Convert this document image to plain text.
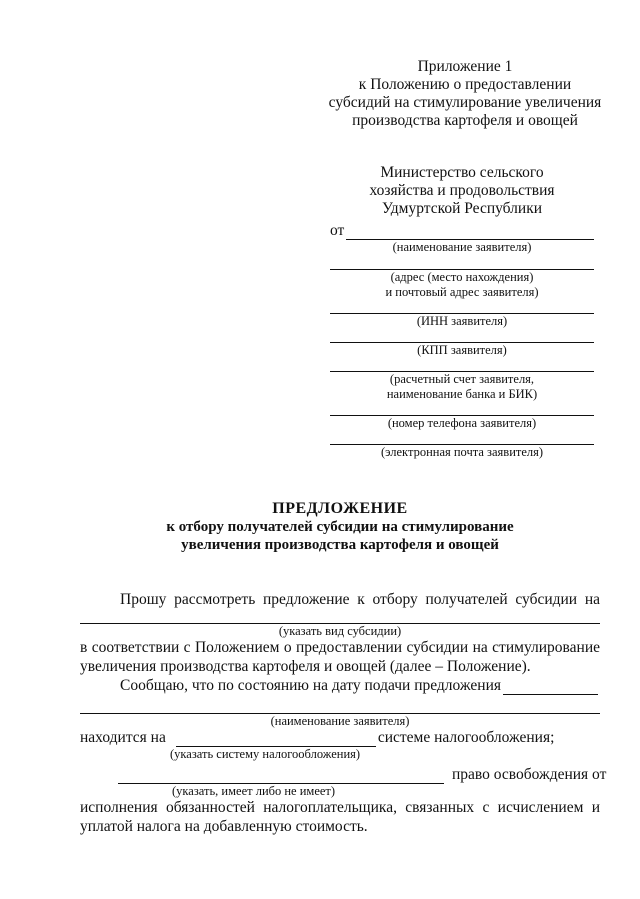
Приложение 1
к Положению о предоставлении
субсидий на стимулирование увеличения
производства картофеля и овощей
Министерство сельского
хозяйства и продовольствия
Удмуртской Республики
от
(наименование заявителя)
(адрес (место нахождения)
и почтовый адрес заявителя)
(ИНН заявителя)
(КПП заявителя)
(расчетный счет заявителя,
наименование банка и БИК)
(номер телефона заявителя)
(электронная почта заявителя)
ПРЕДЛОЖЕНИЕ
к отбору получателей субсидии на стимулирование
увеличения производства картофеля и овощей
Прошу рассмотреть предложение к отбору получателей субсидии на
(указать вид субсидии)
в соответствии с Положением о предоставлении субсидии на стимулирование увеличения производства картофеля и овощей (далее – Положение).
Сообщаю, что по состоянию на дату подачи предложения
(наименование заявителя)
находится на	системе налогообложения;
(указать систему налогообложения)
право освобождения от
(указать, имеет либо не имеет)
исполнения обязанностей налогоплательщика, связанных с исчислением и уплатой налога на добавленную стоимость.
